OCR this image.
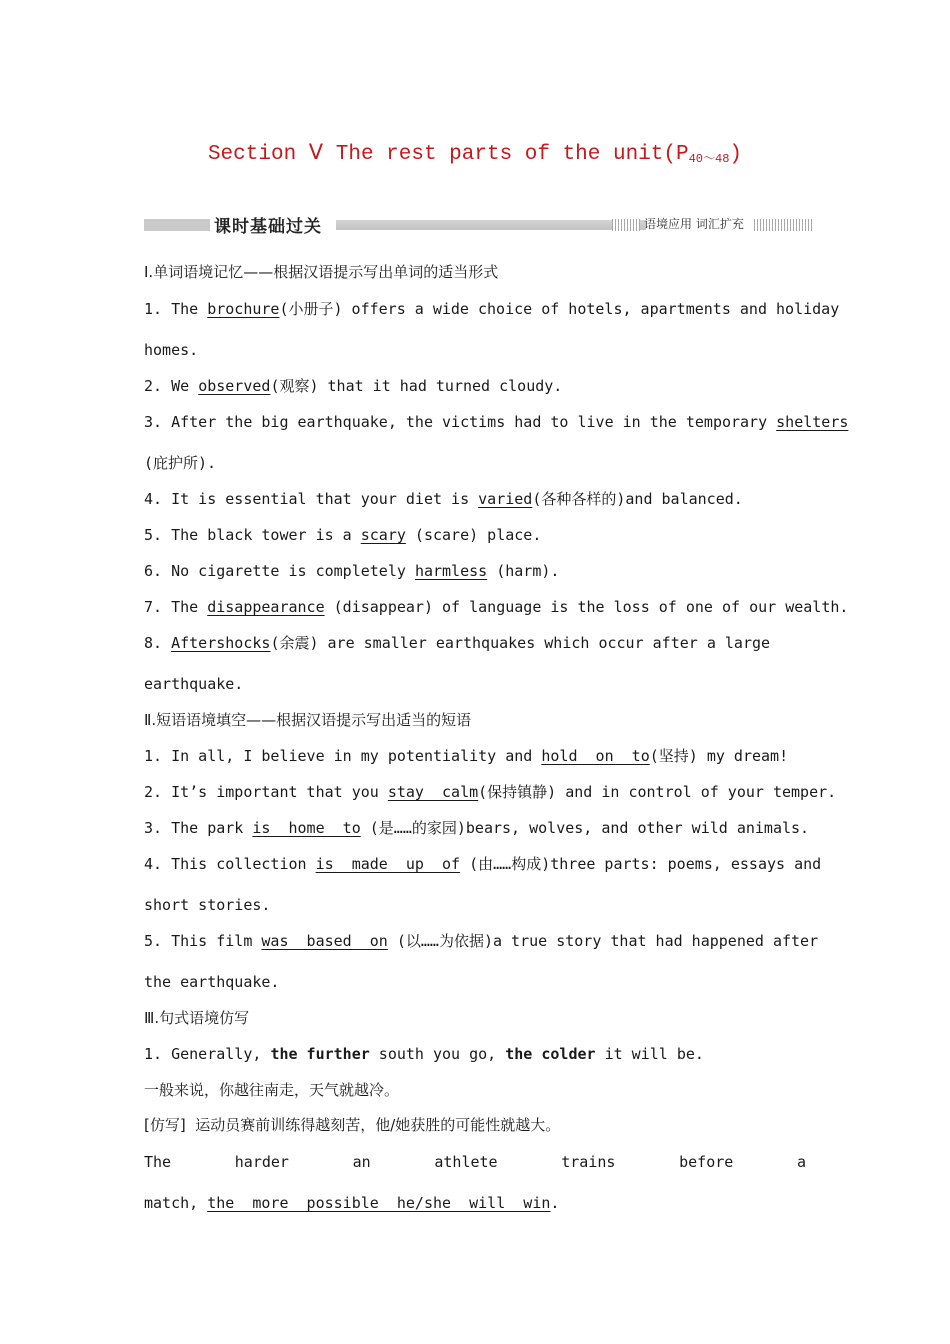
Section Ⅴ The rest parts of the $unit(P_{40\sim 48})$
课时基础过关	语境应用 词汇扩充
Ⅰ.单词语境记忆——根据汉语提示写出单词的适当形式
1. The brochure(小册子) offers a wide choice of hotels, apartments and holiday
homes.
2. We observed(观察) that it had turned cloudy.
3. After the big earthquake, the victims had to live in the temporary shelters
(庇护所).
4. It is essential that your diet is varied(各种各样的)and balanced.
5. The black tower is a scary (scare) place.
6. No cigarette is completely harmless (harm).
7. The disappearance (disappear) of language is the loss of one of our wealth.
8. Aftershocks(余震) are smaller earthquakes which occur after a large
earthquake.
Ⅱ.短语语境填空——根据汉语提示写出适当的短语
1. In all, I believe in my potentiality and hold  on  to(坚持) my dream!
2. It’s important that you stay  calm(保持镇静) and in control of your temper.
3. The park is  home  to (是……的家园)bears, wolves, and other wild animals.
4. This collection is  made  up  of (由……构成)three parts: poems, essays and
short stories.
5. This film was  based  on (以……为依据)a true story that had happened after
the earthquake.
Ⅲ.句式语境仿写
1. Generally, the further south you go, the colder it will be.
一般来说，你越往南走，天气就越冷。
[仿写]  运动员赛前训练得越刻苦，他/她获胜的可能性就越大。
The harder an athlete trains before a
match, the  more  possible  he/she  will  win.
